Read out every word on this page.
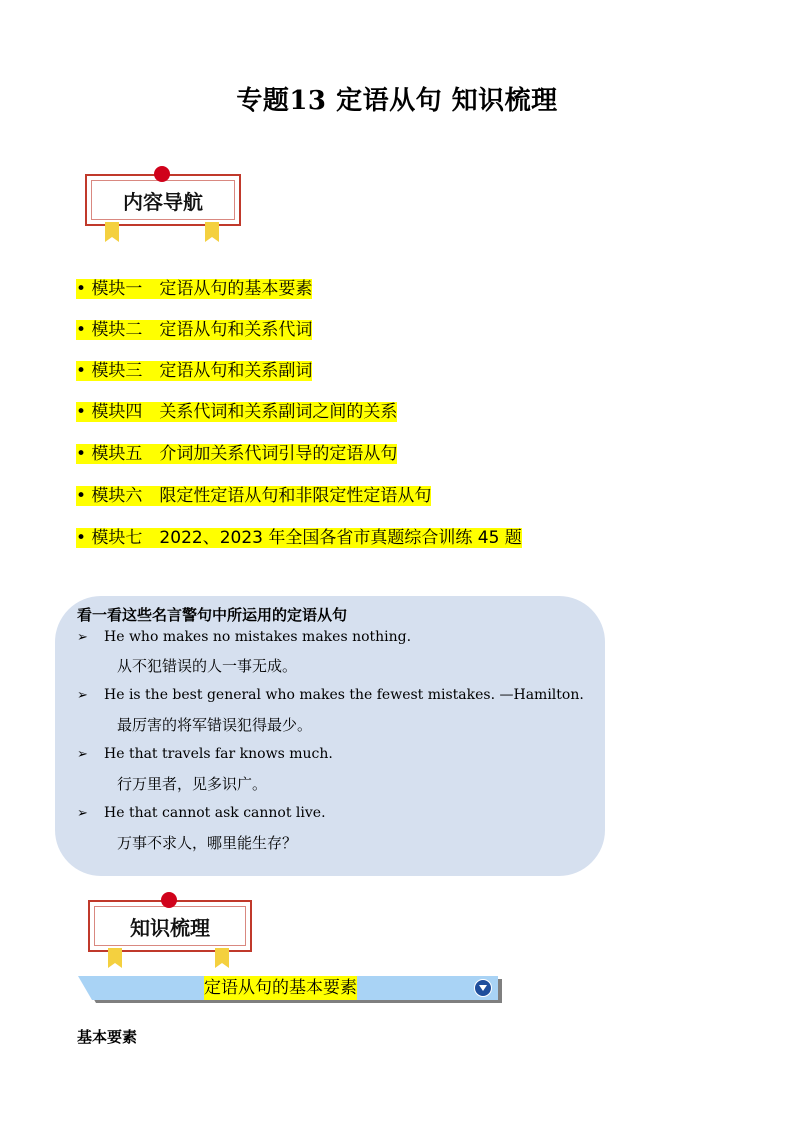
专题13 定语从句 知识梳理
内容导航
• 模块一　定语从句的基本要素
• 模块二　定语从句和关系代词
• 模块三　定语从句和关系副词
• 模块四　关系代词和关系副词之间的关系
• 模块五　介词加关系代词引导的定语从句
• 模块六　限定性定语从句和非限定性定语从句
• 模块七　2022、2023 年全国各省市真题综合训练 45 题
看一看这些名言警句中所运用的定语从句
➢ He who makes no mistakes makes nothing.
从不犯错误的人一事无成。
➢ He is the best general who makes the fewest mistakes. —Hamilton.
最厉害的将军错误犯得最少。
➢ He that travels far knows much.
行万里者，见多识广。
➢ He that cannot ask cannot live.
万事不求人，哪里能生存？
知识梳理
定语从句的基本要素
基本要素
